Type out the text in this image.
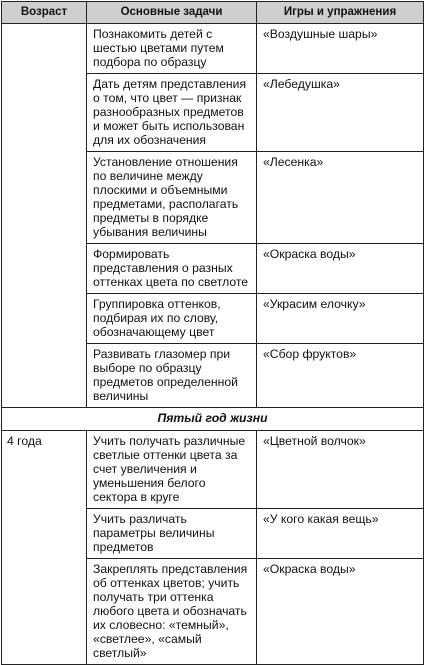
Возраст	Основные задачи	Игры и упражнения
	Познакомить детей с шестью цветами путем подбора по образцу	«Воздушные шары»
	Дать детям представления о том, что цвет — признак разнообразных предметов и может быть использован для их обозначения	«Лебедушка»
	Установление отношения по величине между плоскими и объемными предметами, располагать предметы в порядке убывания величины	«Лесенка»
	Формировать представления о разных оттенках цвета по светлоте	«Окраска воды»
	Группировка оттенков, подбирая их по слову, обозначающему цвет	«Украсим елочку»
	Развивать глазомер при выборе по образцу предметов определенной величины	«Сбор фруктов»
Пятый год жизни		
4 года	Учить получать различные светлые оттенки цвета за счет увеличения и уменьшения белого сектора в круге	«Цветной волчок»
	Учить различать параметры величины предметов	«У кого какая вещь»
	Закреплять представления об оттенках цветов; учить получать три оттенка любого цвета и обозначать их словесно: «темный», «светлее», «самый светлый»	«Окраска воды»
